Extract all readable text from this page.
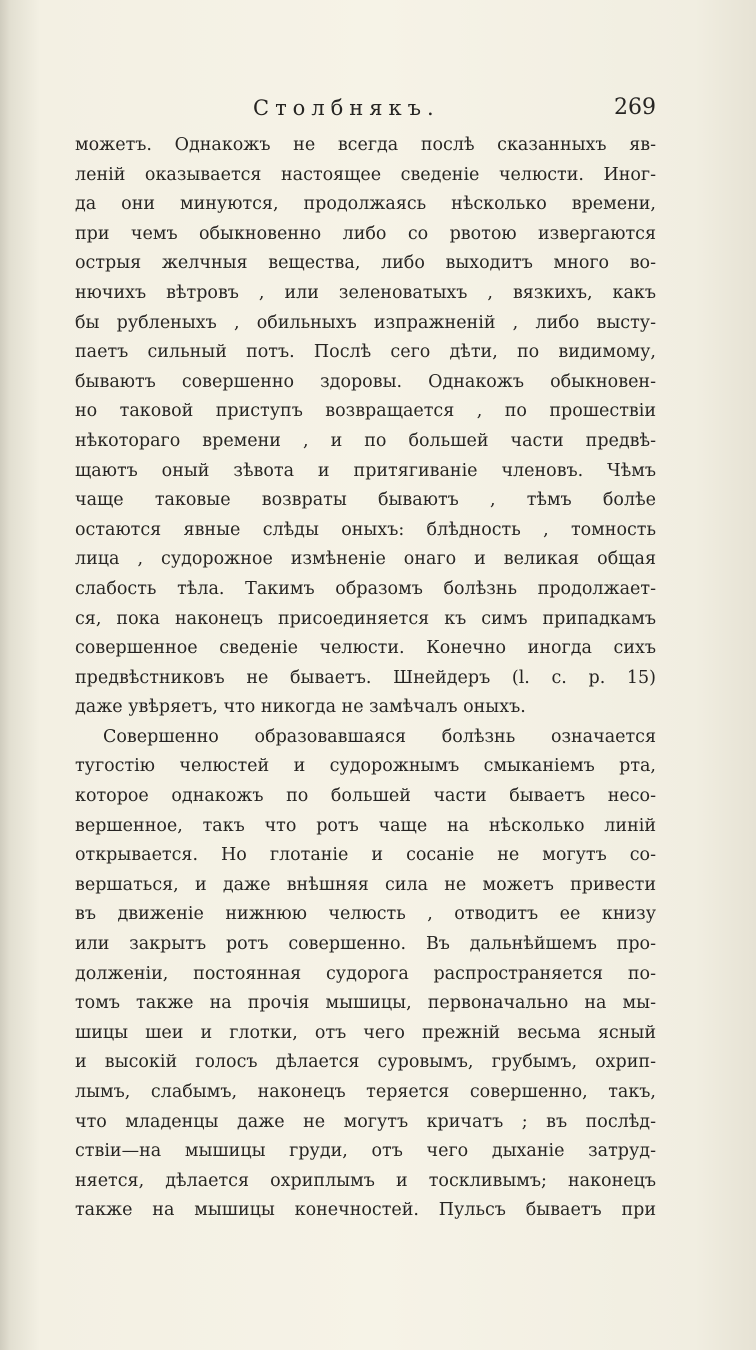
Столбнякъ.	269
можетъ. Однакожъ не всегда послѣ сказанныхъ яв-
леній оказывается настоящее сведеніе челюсти. Иног-
да они минуются, продолжаясь нѣсколько времени,
при чемъ обыкновенно либо со рвотою извергаются
острыя желчныя вещества, либо выходитъ много во-
нючихъ вѣтровъ , или зеленоватыхъ , вязкихъ, какъ
бы рубленыхъ , обильныхъ изпражненій , либо высту-
паетъ сильный потъ. Послѣ сего дѣти, по видимому,
бываютъ совершенно здоровы. Однакожъ обыкновен-
но таковой приступъ возвращается , по прошествіи
нѣкотораго времени , и по большей части предвѣ-
щаютъ оный зѣвота и притягиваніе членовъ. Чѣмъ
чаще таковые возвраты бываютъ , тѣмъ болѣе
остаются явные слѣды оныхъ: блѣдность , томность
лица , судорожное измѣненіе онаго и великая общая
слабость тѣла. Такимъ образомъ болѣзнь продолжает-
ся, пока наконецъ присоединяется къ симъ припадкамъ
совершенное сведеніе челюсти. Конечно иногда сихъ
предвѣстниковъ не бываетъ. Шнейдеръ (l. c. p. 15)
даже увѣряетъ, что никогда не замѣчалъ оныхъ.
Совершенно образовавшаяся болѣзнь означается
тугостію челюстей и судорожнымъ смыканіемъ рта,
которое однакожъ по большей части бываетъ несо-
вершенное, такъ что ротъ чаще на нѣсколько линій
открывается. Но глотаніе и сосаніе не могутъ со-
вершаться, и даже внѣшняя сила не можетъ привести
въ движеніе нижнюю челюсть , отводитъ ее книзу
или закрытъ ротъ совершенно. Въ дальнѣйшемъ про-
долженіи, постоянная судорога распространяется по-
томъ также на прочія мышицы, первоначально на мы-
шицы шеи и глотки, отъ чего прежній весьма ясный
и высокій голосъ дѣлается суровымъ, грубымъ, охрип-
лымъ, слабымъ, наконецъ теряется совершенно, такъ,
что младенцы даже не могутъ кричатъ ; въ послѣд-
ствіи—на мышицы груди, отъ чего дыханіе затруд-
няется, дѣлается охриплымъ и тоскливымъ; наконецъ
также на мышицы конечностей. Пульсъ бываетъ при
